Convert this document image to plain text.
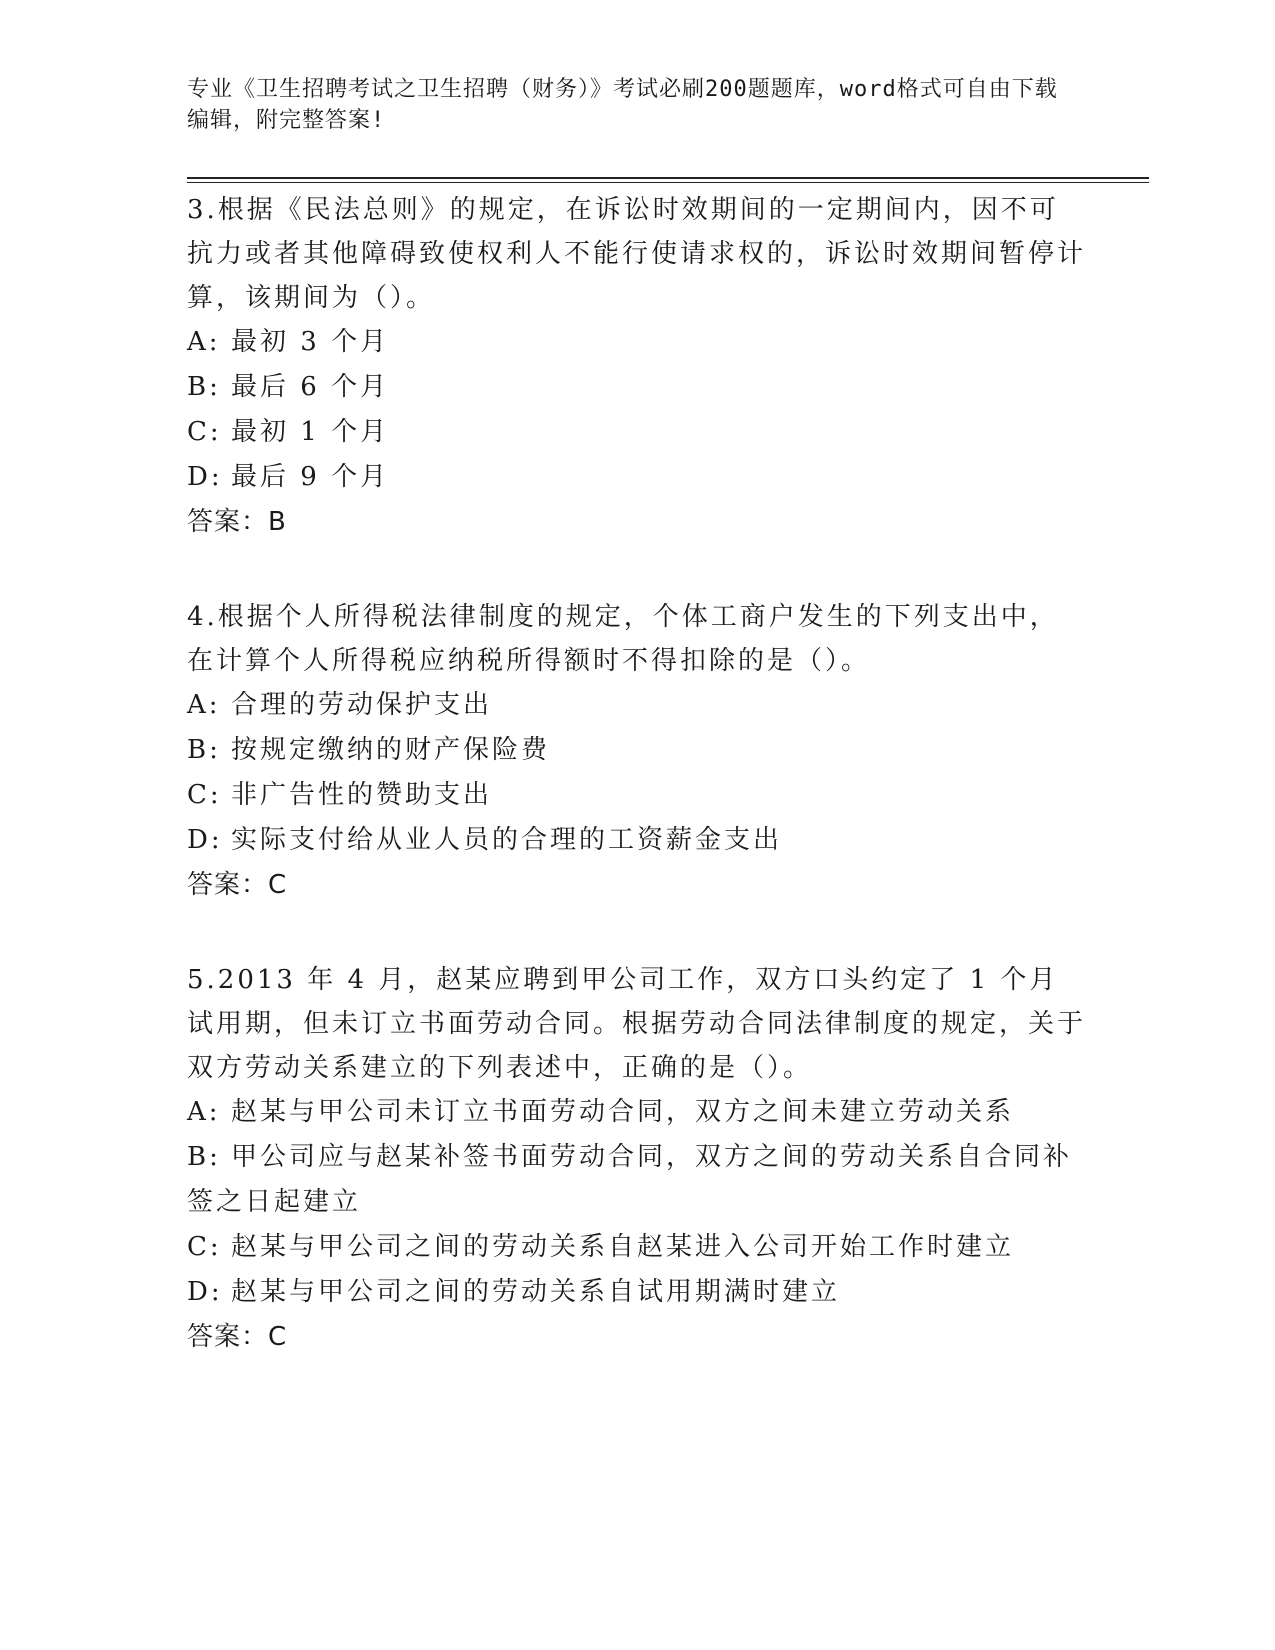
专业《卫生招聘考试之卫生招聘（财务）》考试必刷200题题库，word格式可自由下载编辑，附完整答案!

3.根据《民法总则》的规定，在诉讼时效期间的一定期间内，因不可抗力或者其他障碍致使权利人不能行使请求权的，诉讼时效期间暂停计算，该期间为（）。

A: 最初 3 个月

B: 最后 6 个月

C: 最初 1 个月

D: 最后 9 个月

答案：B

4.根据个人所得税法律制度的规定，个体工商户发生的下列支出中，在计算个人所得税应纳税所得额时不得扣除的是（）。

A: 合理的劳动保护支出

B: 按规定缴纳的财产保险费

C: 非广告性的赞助支出

D: 实际支付给从业人员的合理的工资薪金支出

答案：C

5.2013 年 4 月，赵某应聘到甲公司工作，双方口头约定了 1 个月试用期，但未订立书面劳动合同。根据劳动合同法律制度的规定，关于双方劳动关系建立的下列表述中，正确的是（）。

A: 赵某与甲公司未订立书面劳动合同，双方之间未建立劳动关系

B: 甲公司应与赵某补签书面劳动合同，双方之间的劳动关系自合同补签之日起建立

C: 赵某与甲公司之间的劳动关系自赵某进入公司开始工作时建立

D: 赵某与甲公司之间的劳动关系自试用期满时建立

答案：C
